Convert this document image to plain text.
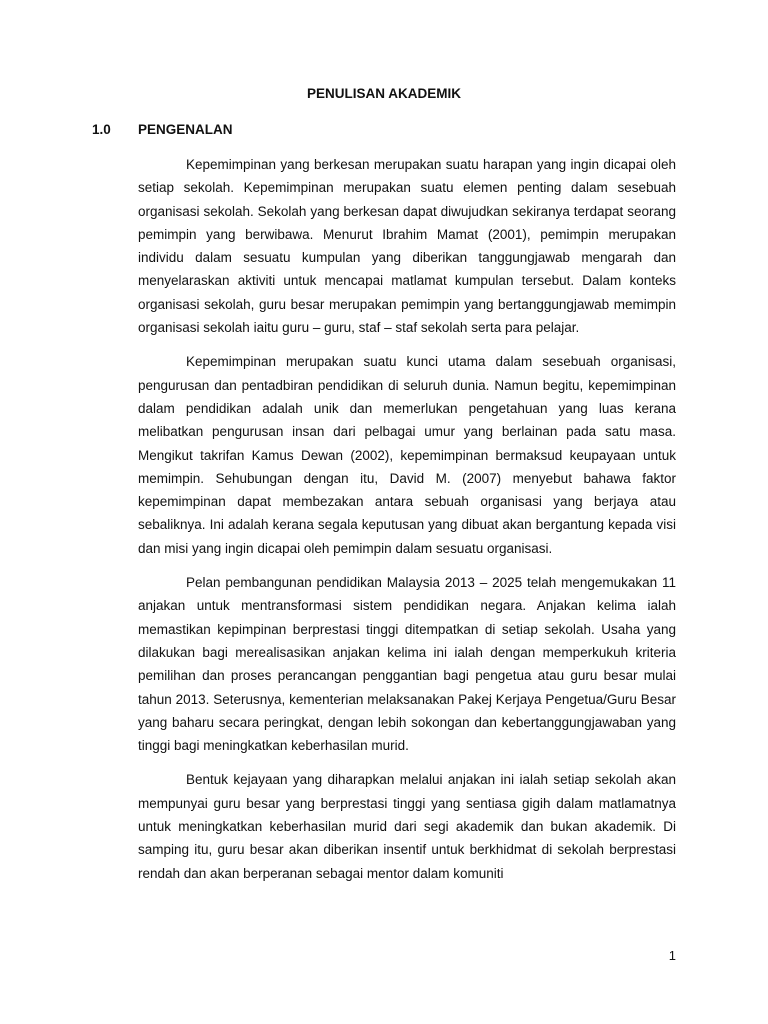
PENULISAN AKADEMIK
1.0 PENGENALAN

Kepemimpinan yang berkesan merupakan suatu harapan yang ingin dicapai oleh setiap sekolah. Kepemimpinan merupakan suatu elemen penting dalam sesebuah organisasi sekolah. Sekolah yang berkesan dapat diwujudkan sekiranya terdapat seorang pemimpin yang berwibawa. Menurut Ibrahim Mamat (2001), pemimpin merupakan individu dalam sesuatu kumpulan yang diberikan tanggungjawab mengarah dan menyelaraskan aktiviti untuk mencapai matlamat kumpulan tersebut. Dalam konteks organisasi sekolah, guru besar merupakan pemimpin yang bertanggungjawab memimpin organisasi sekolah iaitu guru – guru, staf – staf sekolah serta para pelajar.

Kepemimpinan merupakan suatu kunci utama dalam sesebuah organisasi, pengurusan dan pentadbiran pendidikan di seluruh dunia. Namun begitu, kepemimpinan dalam pendidikan adalah unik dan memerlukan pengetahuan yang luas kerana melibatkan pengurusan insan dari pelbagai umur yang berlainan pada satu masa. Mengikut takrifan Kamus Dewan (2002), kepemimpinan bermaksud keupayaan untuk memimpin. Sehubungan dengan itu, David M. (2007) menyebut bahawa faktor kepemimpinan dapat membezakan antara sebuah organisasi yang berjaya atau sebaliknya. Ini adalah kerana segala keputusan yang dibuat akan bergantung kepada visi dan misi yang ingin dicapai oleh pemimpin dalam sesuatu organisasi.

Pelan pembangunan pendidikan Malaysia 2013 – 2025 telah mengemukakan 11 anjakan untuk mentransformasi sistem pendidikan negara. Anjakan kelima ialah memastikan kepimpinan berprestasi tinggi ditempatkan di setiap sekolah. Usaha yang dilakukan bagi merealisasikan anjakan kelima ini ialah dengan memperkukuh kriteria pemilihan dan proses perancangan penggantian bagi pengetua atau guru besar mulai tahun 2013. Seterusnya, kementerian melaksanakan Pakej Kerjaya Pengetua/Guru Besar yang baharu secara peringkat, dengan lebih sokongan dan kebertanggungjawaban yang tinggi bagi meningkatkan keberhasilan murid.

Bentuk kejayaan yang diharapkan melalui anjakan ini ialah setiap sekolah akan mempunyai guru besar yang berprestasi tinggi yang sentiasa gigih dalam matlamatnya untuk meningkatkan keberhasilan murid dari segi akademik dan bukan akademik. Di samping itu, guru besar akan diberikan insentif untuk berkhidmat di sekolah berprestasi rendah dan akan berperanan sebagai mentor dalam komuniti

1
